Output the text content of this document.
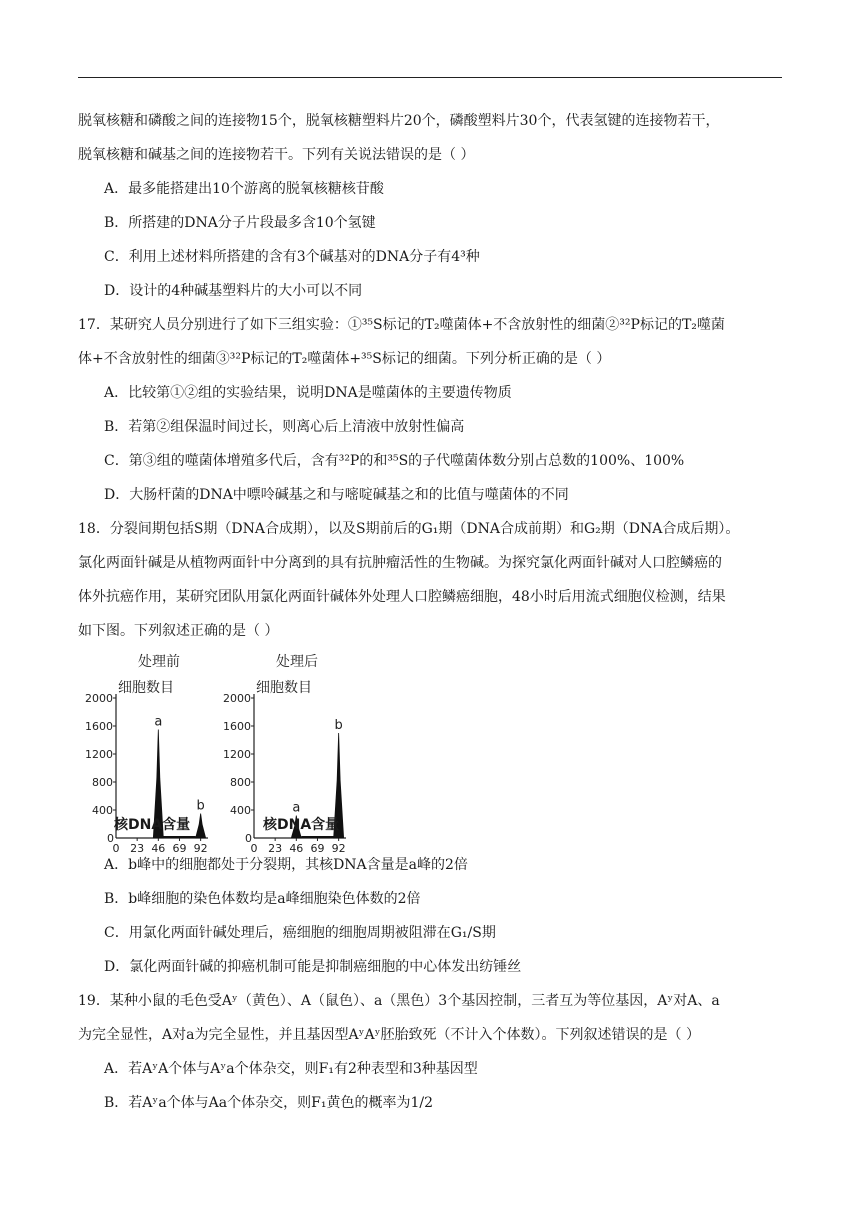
脱氧核糖和磷酸之间的连接物15个，脱氧核糖塑料片20个，磷酸塑料片30个，代表氢键的连接物若干，
脱氧核糖和碱基之间的连接物若干。下列有关说法错误的是（ ）
A．最多能搭建出10个游离的脱氧核糖核苷酸
B．所搭建的DNA分子片段最多含10个氢键
C．利用上述材料所搭建的含有3个碱基对的DNA分子有4³种
D．设计的4种碱基塑料片的大小可以不同
17．某研究人员分别进行了如下三组实验：①³⁵S标记的T₂噬菌体+不含放射性的细菌②³²P标记的T₂噬菌
体+不含放射性的细菌③³²P标记的T₂噬菌体+³⁵S标记的细菌。下列分析正确的是（ ）
A．比较第①②组的实验结果，说明DNA是噬菌体的主要遗传物质
B．若第②组保温时间过长，则离心后上清液中放射性偏高
C．第③组的噬菌体增殖多代后，含有³²P的和³⁵S的子代噬菌体数分别占总数的100%、100%
D．大肠杆菌的DNA中嘌呤碱基之和与嘧啶碱基之和的比值与噬菌体的不同
18．分裂间期包括S期（DNA合成期），以及S期前后的G₁期（DNA合成前期）和G₂期（DNA合成后期）。
氯化两面针碱是从植物两面针中分离到的具有抗肿瘤活性的生物碱。为探究氯化两面针碱对人口腔鳞癌的
体外抗癌作用，某研究团队用氯化两面针碱体外处理人口腔鳞癌细胞，48小时后用流式细胞仪检测，结果
如下图。下列叙述正确的是（ ）
处理前
细胞数目
2000
1600
1200
800
400
0
0 23 46 69 92
a
b
处理后
细胞数目
2000
1600
1200
800
400
0
0 23 46 69 92
a
b
A．b峰中的细胞都处于分裂期，其核DNA含量是a峰的2倍
B．b峰细胞的染色体数均是a峰细胞染色体数的2倍
C．用氯化两面针碱处理后，癌细胞的细胞周期被阻滞在G₁/S期
D．氯化两面针碱的抑癌机制可能是抑制癌细胞的中心体发出纺锤丝
19．某种小鼠的毛色受Aʸ（黄色）、A（鼠色）、a（黑色）3个基因控制，三者互为等位基因，Aʸ对A、a
为完全显性，A对a为完全显性，并且基因型AʸAʸ胚胎致死（不计入个体数）。下列叙述错误的是（ ）
A．若AʸA个体与Aʸa个体杂交，则F₁有2种表型和3种基因型
B．若Aʸa个体与Aa个体杂交，则F₁黄色的概率为1/2
核DNA含量	核DNA含量
